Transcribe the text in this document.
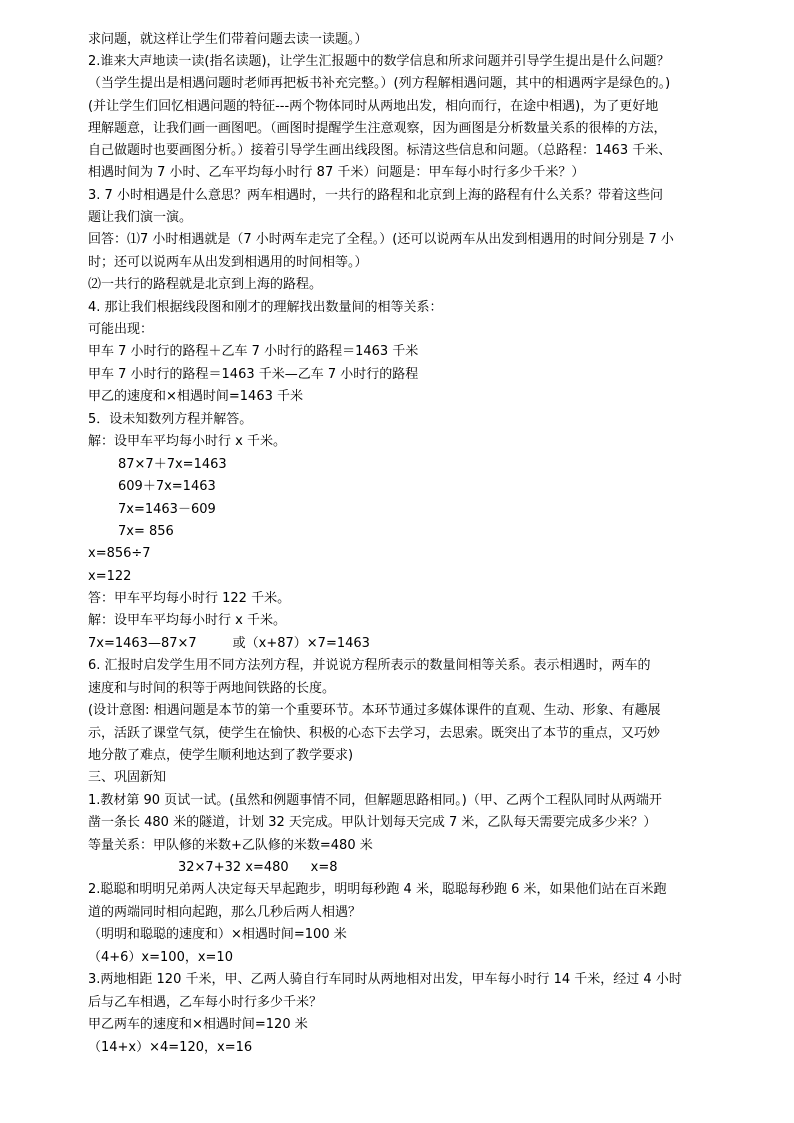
求问题，就这样让学生们带着问题去读一读题。）
2.谁来大声地读一读(指名读题)，让学生汇报题中的数学信息和所求问题并引导学生提出是什么问题？
（当学生提出是相遇问题时老师再把板书补充完整。）(列方程解相遇问题，其中的相遇两字是绿色的。)
(并让学生们回忆相遇问题的特征---两个物体同时从两地出发，相向而行，在途中相遇)，为了更好地
理解题意，让我们画一画图吧。（画图时提醒学生注意观察，因为画图是分析数量关系的很棒的方法，
自己做题时也要画图分析。）接着引导学生画出线段图。标清这些信息和问题。（总路程：1463 千米、
相遇时间为 7 小时、乙车平均每小时行 87 千米）问题是：甲车每小时行多少千米？）
3. 7 小时相遇是什么意思？两车相遇时，一共行的路程和北京到上海的路程有什么关系？带着这些问
题让我们演一演。
回答：⑴7 小时相遇就是（7 小时两车走完了全程。）(还可以说两车从出发到相遇用的时间分别是 7 小
时；还可以说两车从出发到相遇用的时间相等。）
⑵一共行的路程就是北京到上海的路程。
4. 那让我们根据线段图和刚才的理解找出数量间的相等关系：
可能出现：
甲车 7 小时行的路程＋乙车 7 小时行的路程＝1463 千米
甲车 7 小时行的路程＝1463 千米—乙车 7 小时行的路程
甲乙的速度和×相遇时间=1463 千米
5．设未知数列方程并解答。
解：设甲车平均每小时行 x 千米。
87×7＋7x=1463
609＋7x=1463
7x=1463－609
7x= 856
x=856÷7
x=122
答：甲车平均每小时行 122 千米。
解：设甲车平均每小时行 x 千米。
7x=1463—87×7	或（x+87）×7=1463
6. 汇报时启发学生用不同方法列方程，并说说方程所表示的数量间相等关系。表示相遇时，两车的
速度和与时间的积等于两地间铁路的长度。
(设计意图: 相遇问题是本节的第一个重要环节。本环节通过多媒体课件的直观、生动、形象、有趣展
示，活跃了课堂气氛，使学生在愉快、积极的心态下去学习，去思索。既突出了本节的重点，又巧妙
地分散了难点，使学生顺利地达到了教学要求)
三、巩固新知
1.教材第 90 页试一试。(虽然和例题事情不同，但解题思路相同。)（甲、乙两个工程队同时从两端开
凿一条长 480 米的隧道，计划 32 天完成。甲队计划每天完成 7 米，乙队每天需要完成多少米？）
等量关系：甲队修的米数+乙队修的米数=480 米
32×7+32 x=480 x=8
2.聪聪和明明兄弟两人决定每天早起跑步，明明每秒跑 4 米，聪聪每秒跑 6 米，如果他们站在百米跑
道的两端同时相向起跑，那么几秒后两人相遇？
（明明和聪聪的速度和）×相遇时间=100 米
（4+6）x=100，x=10
3.两地相距 120 千米，甲、乙两人骑自行车同时从两地相对出发，甲车每小时行 14 千米，经过 4 小时
后与乙车相遇，乙车每小时行多少千米？
甲乙两车的速度和×相遇时间=120 米
（14+x）×4=120，x=16
